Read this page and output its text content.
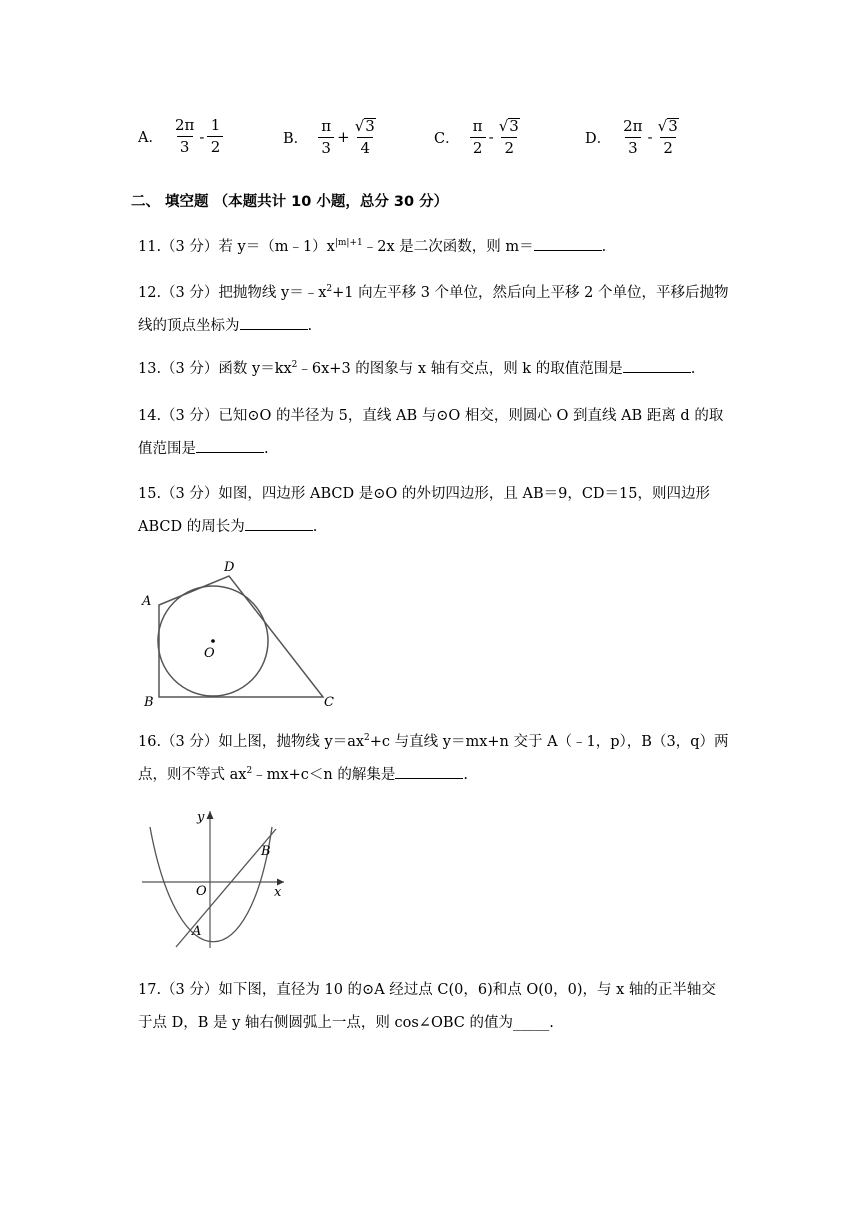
A． $\frac{2\pi}{3} - \frac{1}{2}$	B． $\frac{\pi}{3} + \frac{√ 3}{4}$	C． $\frac{\pi}{2} - \frac{√ 3}{2}$	D． $\frac{2\pi}{3} - \frac{√ 3}{2}$
二、 填空题 （本题共计 10 小题，总分 30 分）
11.（3 分）若 $y=(m﹣1)x^{|m|+1}﹣2x$ 是二次函数，则 m＝	.
12.（3 分）把抛物线 $y=﹣x^2+1$ 向左平移 3 个单位，然后向上平移 2 个单位，平移后抛物线的顶点坐标为	.
13.（3 分）函数 $y=kx^2﹣6x+3$ 的图象与 x 轴有交点，则 k 的取值范围是	.
14.（3 分）已知⊙O 的半径为 5，直线 AB 与⊙O 相交，则圆心 O 到直线 AB 距离 d 的取值范围是	.
15.（3 分）如图，四边形 ABCD 是⊙O 的外切四边形，且 AB＝9，CD＝15，则四边形 ABCD 的周长为	.
A
D
B	C
O
16.（3 分）如上图，抛物线 $y=ax^2+c$ 与直线 y＝mx+n 交于 A（﹣1，p），B（3，q）两点，则不等式 $ax^2﹣mx+c<n$ 的解集是	.
y
x
O
B
A
17.（3 分）如下图，直径为 10 的⊙A 经过点 C(0，6)和点 O(0，0)，与 x 轴的正半轴交于点 D，B 是 y 轴右侧圆弧上一点，则 cos∠OBC 的值为_____.
